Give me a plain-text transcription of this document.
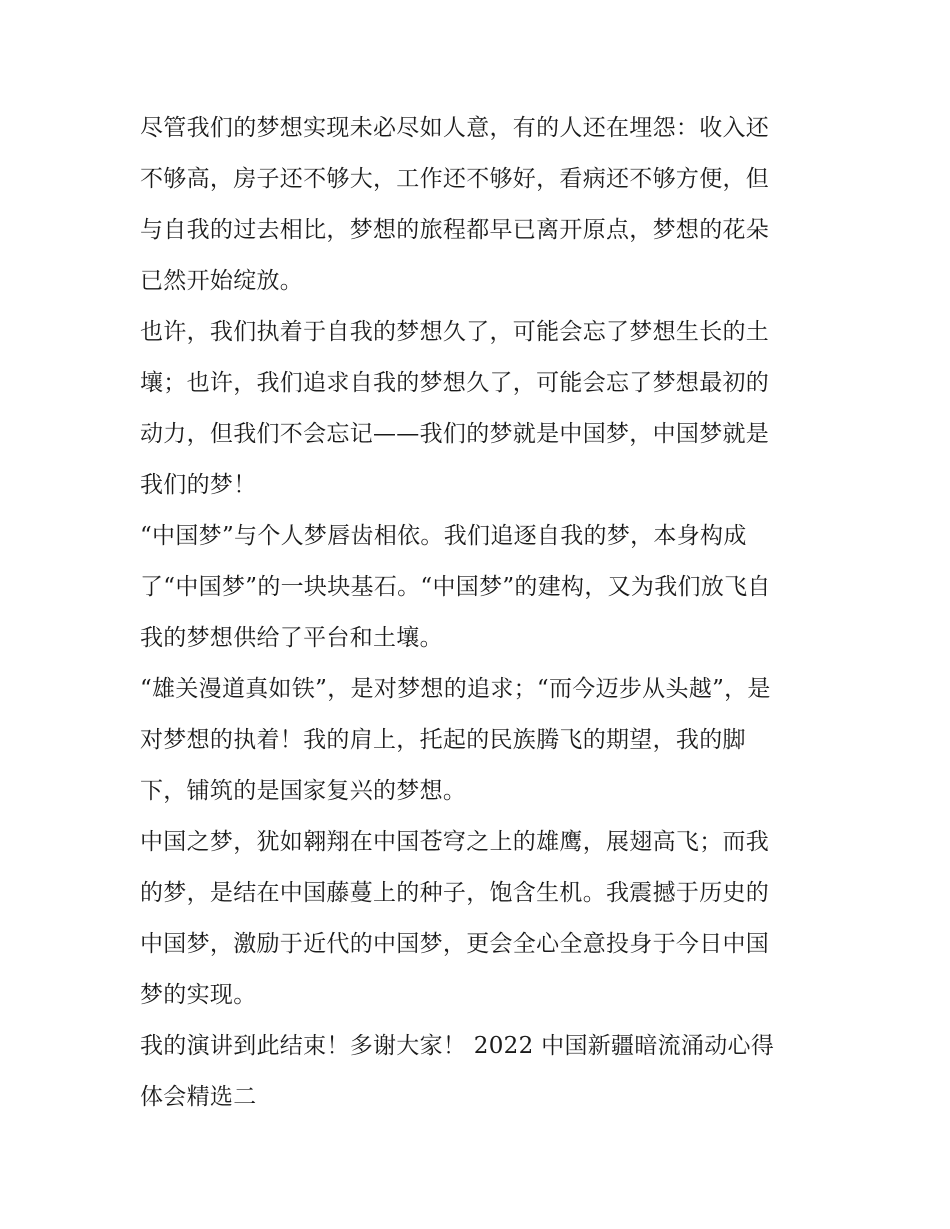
尽管我们的梦想实现未必尽如人意，有的人还在埋怨：收入还
不够高，房子还不够大，工作还不够好，看病还不够方便，但
与自我的过去相比，梦想的旅程都早已离开原点，梦想的花朵
已然开始绽放。
也许，我们执着于自我的梦想久了，可能会忘了梦想生长的土
壤；也许，我们追求自我的梦想久了，可能会忘了梦想最初的
动力，但我们不会忘记——我们的梦就是中国梦，中国梦就是
我们的梦！
“中国梦”与个人梦唇齿相依。我们追逐自我的梦，本身构成
了“中国梦”的一块块基石。“中国梦”的建构，又为我们放飞自
我的梦想供给了平台和土壤。
“雄关漫道真如铁”，是对梦想的追求；“而今迈步从头越”，是
对梦想的执着！我的肩上，托起的民族腾飞的期望，我的脚
下，铺筑的是国家复兴的梦想。
中国之梦，犹如翱翔在中国苍穹之上的雄鹰，展翅高飞；而我
的梦，是结在中国藤蔓上的种子，饱含生机。我震撼于历史的
中国梦，激励于近代的中国梦，更会全心全意投身于今日中国
梦的实现。
我的演讲到此结束！多谢大家！ 2022 中国新疆暗流涌动心得
体会精选二
